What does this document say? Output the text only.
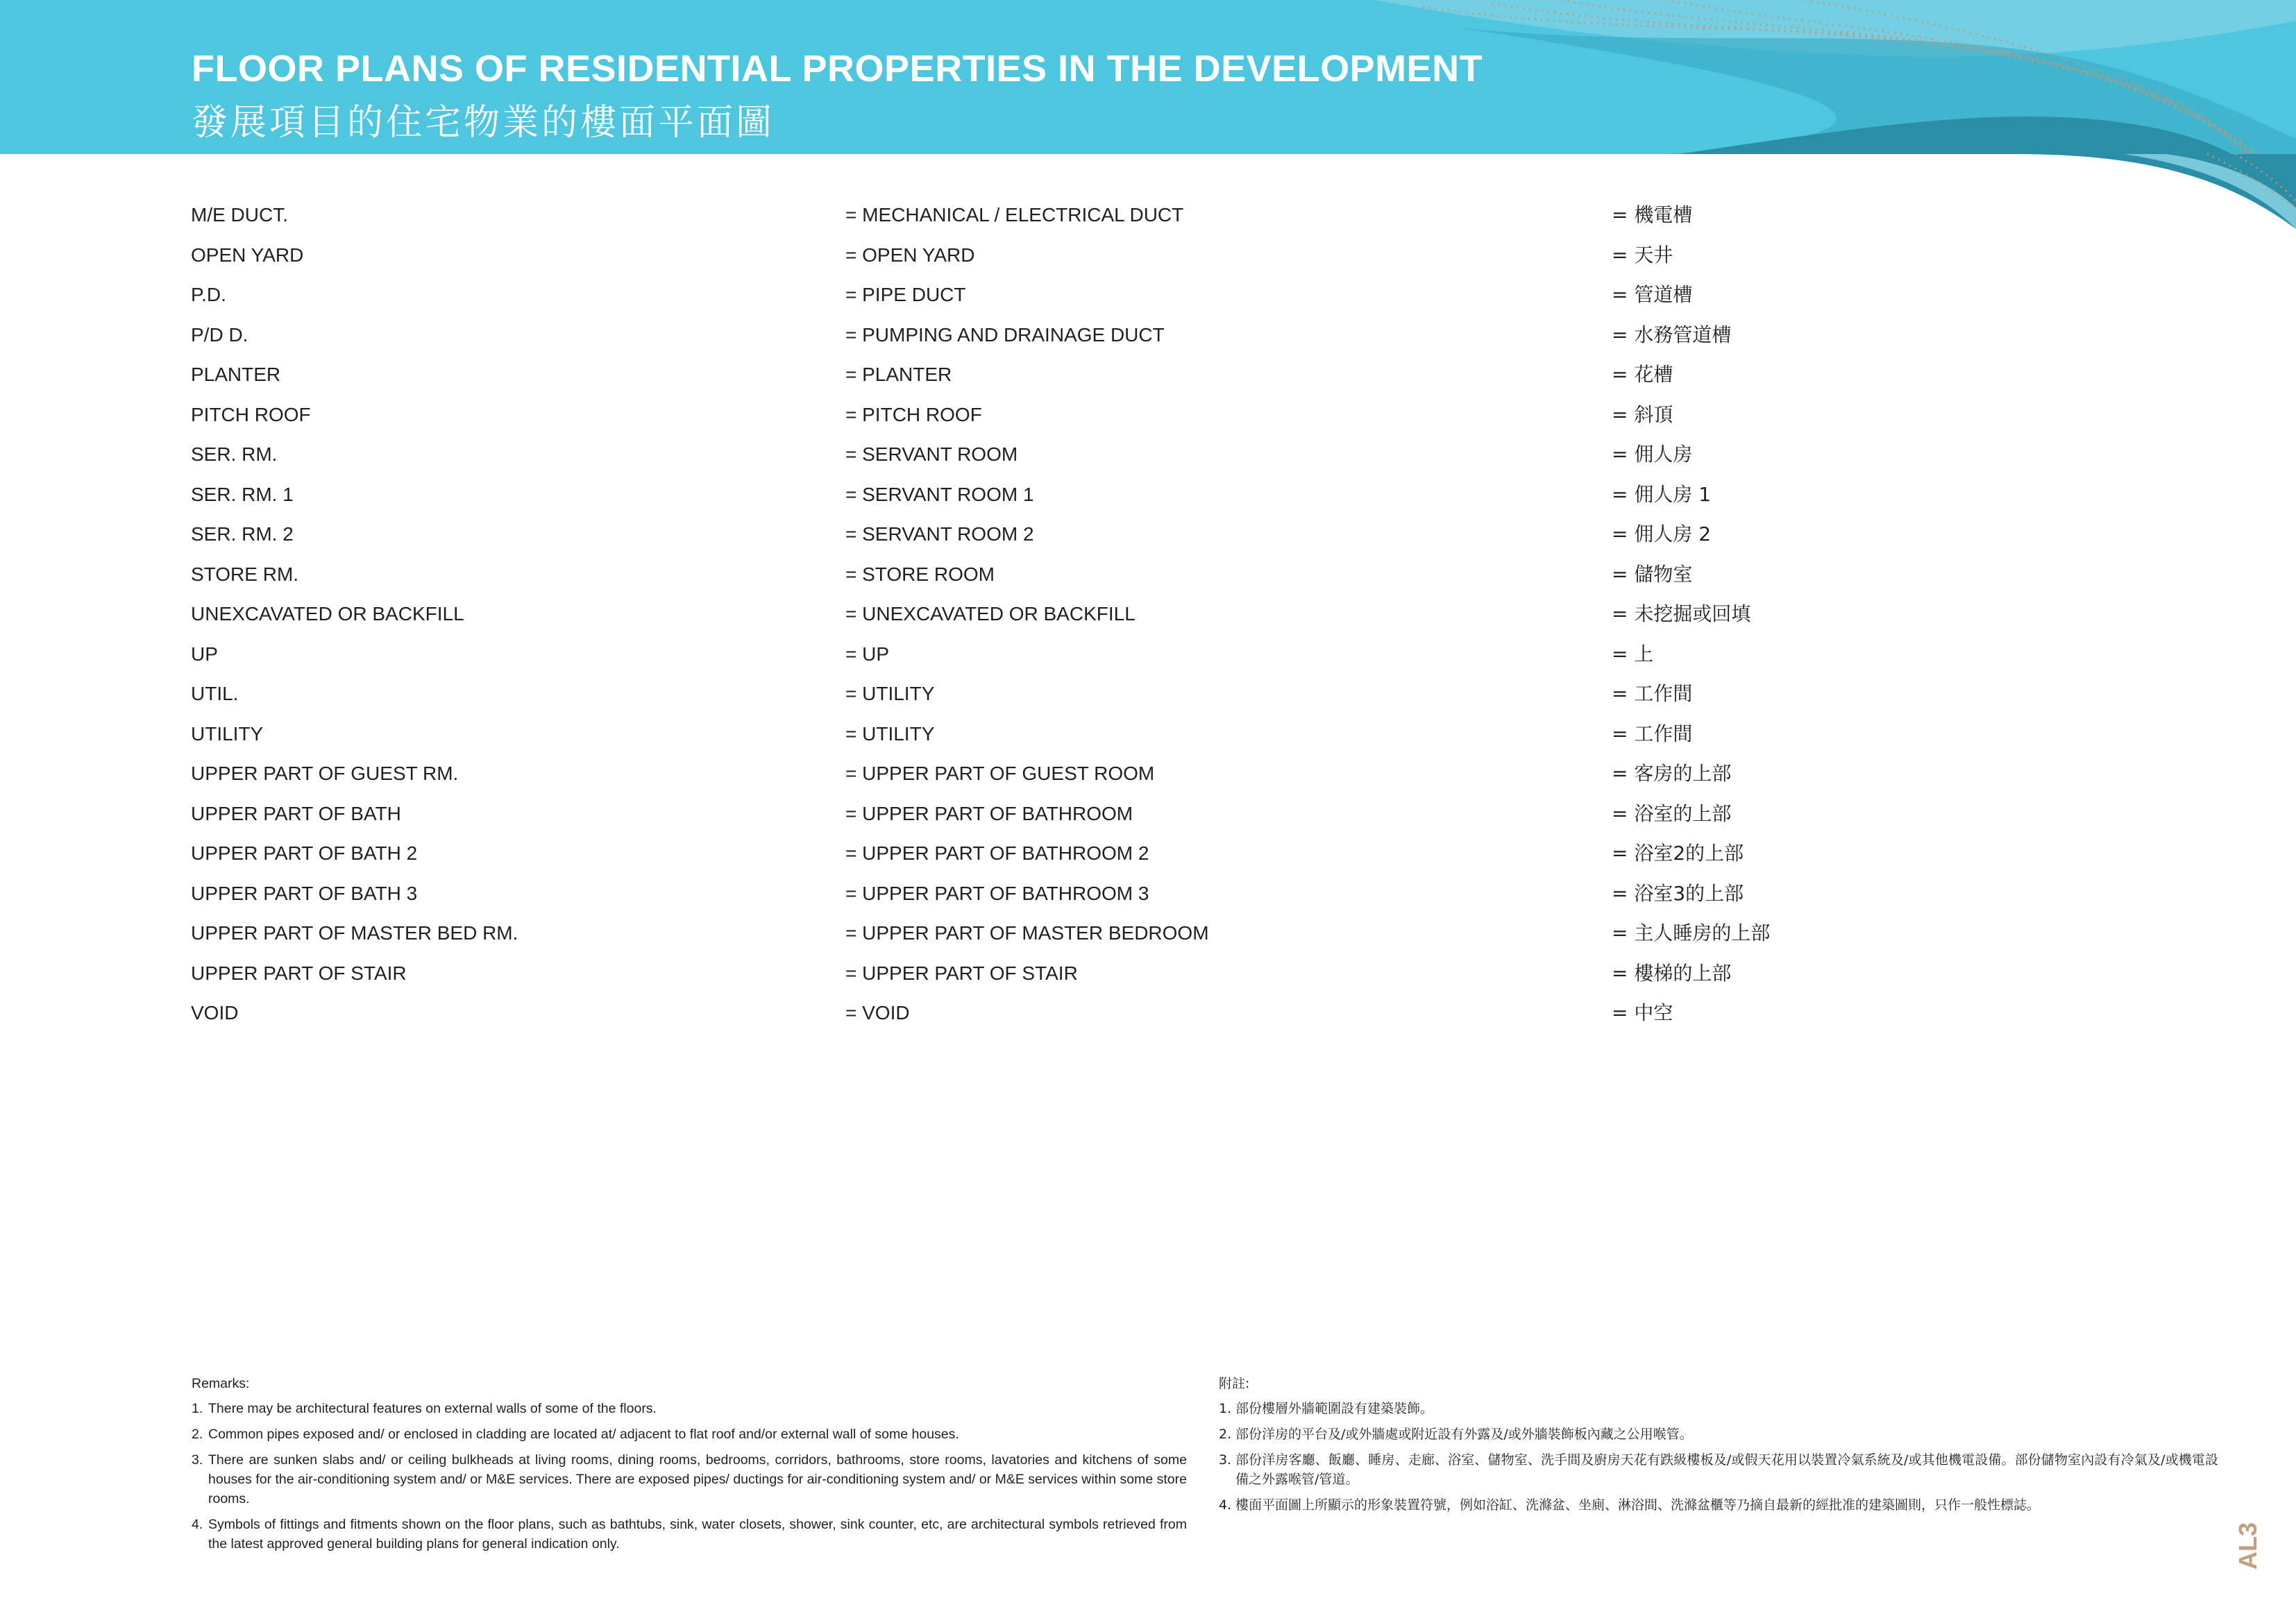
FLOOR PLANS OF RESIDENTIAL PROPERTIES IN THE DEVELOPMENT
發展項目的住宅物業的樓面平面圖
M/E DUCT.	= MECHANICAL / ELECTRICAL DUCT	= 機電槽
OPEN YARD	= OPEN YARD	= 天井
P.D.	= PIPE DUCT	= 管道槽
P/D D.	= PUMPING AND DRAINAGE DUCT	= 水務管道槽
PLANTER	= PLANTER	= 花槽
PITCH ROOF	= PITCH ROOF	= 斜頂
SER. RM.	= SERVANT ROOM	= 佣人房
SER. RM. 1	= SERVANT ROOM 1	= 佣人房 1
SER. RM. 2	= SERVANT ROOM 2	= 佣人房 2
STORE RM.	= STORE ROOM	= 儲物室
UNEXCAVATED OR BACKFILL	= UNEXCAVATED OR BACKFILL	= 未挖掘或回填
UP	= UP	= 上
UTIL.	= UTILITY	= 工作間
UTILITY	= UTILITY	= 工作間
UPPER PART OF GUEST RM.	= UPPER PART OF GUEST ROOM	= 客房的上部
UPPER PART OF BATH	= UPPER PART OF BATHROOM	= 浴室的上部
UPPER PART OF BATH 2	= UPPER PART OF BATHROOM 2	= 浴室2的上部
UPPER PART OF BATH 3	= UPPER PART OF BATHROOM 3	= 浴室3的上部
UPPER PART OF MASTER BED RM.	= UPPER PART OF MASTER BEDROOM	= 主人睡房的上部
UPPER PART OF STAIR	= UPPER PART OF STAIR	= 樓梯的上部
VOID	= VOID	= 中空
Remarks:
1. There may be architectural features on external walls of some of the floors.
2. Common pipes exposed and/ or enclosed in cladding are located at/ adjacent to flat roof and/or external wall of some houses.
3. There are sunken slabs and/ or ceiling bulkheads at living rooms, dining rooms, bedrooms, corridors, bathrooms, store rooms, lavatories and kitchens of some houses for the air-conditioning system and/ or M&E services. There are exposed pipes/ ductings for air-conditioning system and/ or M&E services within some store rooms.
4. Symbols of fittings and fitments shown on the floor plans, such as bathtubs, sink, water closets, shower, sink counter, etc, are architectural symbols retrieved from the latest approved general building plans for general indication only.
附註:
1. 部份樓層外牆範圍設有建築裝飾。
2. 部份洋房的平台及/或外牆處或附近設有外露及/或外牆裝飾板內藏之公用喉管。
3. 部份洋房客廳、飯廳、睡房、走廊、浴室、儲物室、洗手間及廚房天花有跌級樓板及/或假天花用以裝置冷氣系統及/或其他機電設備。部份儲物室內設有冷氣及/或機電設備之外露喉管/管道。
4. 樓面平面圖上所顯示的形象裝置符號，例如浴缸、洗滌盆、坐廁、淋浴間、洗滌盆櫃等乃摘自最新的經批准的建築圖則，只作一般性標誌。
AL3
